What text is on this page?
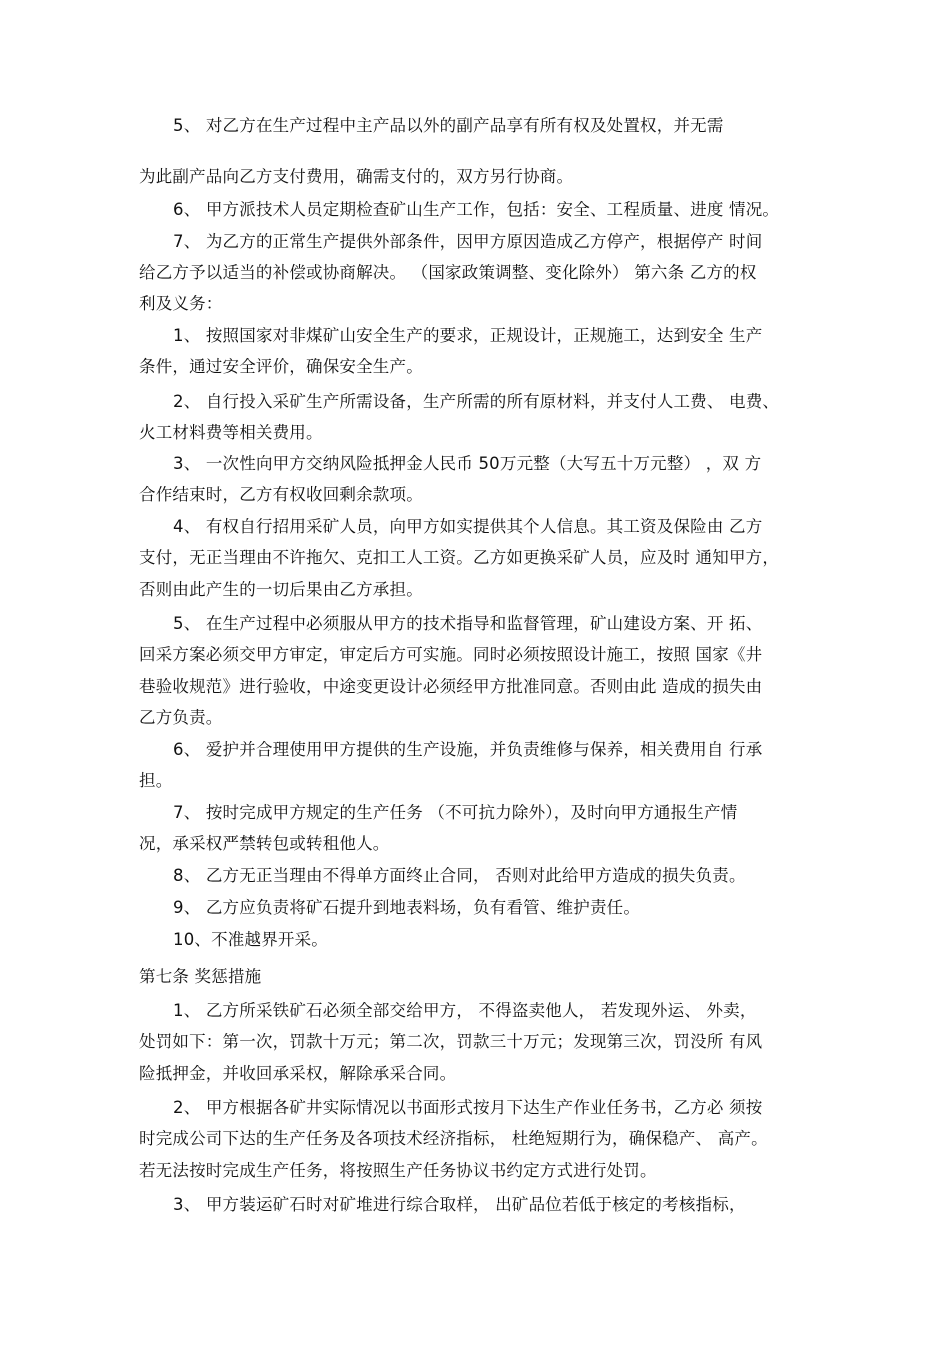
5、 对乙方在生产过程中主产品以外的副产品享有所有权及处置权，并无需
为此副产品向乙方支付费用，确需支付的，双方另行协商。
6、 甲方派技术人员定期检查矿山生产工作，包括：安全、工程质量、进度 情况。
7、 为乙方的正常生产提供外部条件，因甲方原因造成乙方停产，根据停产 时间
给乙方予以适当的补偿或协商解决。 （国家政策调整、变化除外） 第六条 乙方的权
利及义务：
1、 按照国家对非煤矿山安全生产的要求，正规设计，正规施工，达到安全 生产
条件，通过安全评价，确保安全生产。
2、 自行投入采矿生产所需设备，生产所需的所有原材料，并支付人工费、 电费、
火工材料费等相关费用。
3、 一次性向甲方交纳风险抵押金人民币 50万元整（大写五十万元整） ，双 方
合作结束时，乙方有权收回剩余款项。
4、 有权自行招用采矿人员，向甲方如实提供其个人信息。其工资及保险由 乙方
支付，无正当理由不许拖欠、克扣工人工资。乙方如更换采矿人员，应及时 通知甲方，
否则由此产生的一切后果由乙方承担。
5、 在生产过程中必须服从甲方的技术指导和监督管理，矿山建设方案、开 拓、
回采方案必须交甲方审定，审定后方可实施。同时必须按照设计施工，按照 国家《井
巷验收规范》进行验收，中途变更设计必须经甲方批准同意。否则由此 造成的损失由
乙方负责。
6、 爱护并合理使用甲方提供的生产设施，并负责维修与保养，相关费用自 行承
担。
7、 按时完成甲方规定的生产任务 （不可抗力除外），及时向甲方通报生产情
况，承采权严禁转包或转租他人。
8、 乙方无正当理由不得单方面终止合同， 否则对此给甲方造成的损失负责。
9、 乙方应负责将矿石提升到地表料场，负有看管、维护责任。
10、不准越界开采。
第七条 奖惩措施
1、 乙方所采铁矿石必须全部交给甲方， 不得盗卖他人， 若发现外运、 外卖，
处罚如下：第一次，罚款十万元；第二次，罚款三十万元；发现第三次，罚没所 有风
险抵押金，并收回承采权，解除承采合同。
2、 甲方根据各矿井实际情况以书面形式按月下达生产作业任务书，乙方必 须按
时完成公司下达的生产任务及各项技术经济指标， 杜绝短期行为，确保稳产、 高产。
若无法按时完成生产任务，将按照生产任务协议书约定方式进行处罚。
3、 甲方装运矿石时对矿堆进行综合取样， 出矿品位若低于核定的考核指标，
